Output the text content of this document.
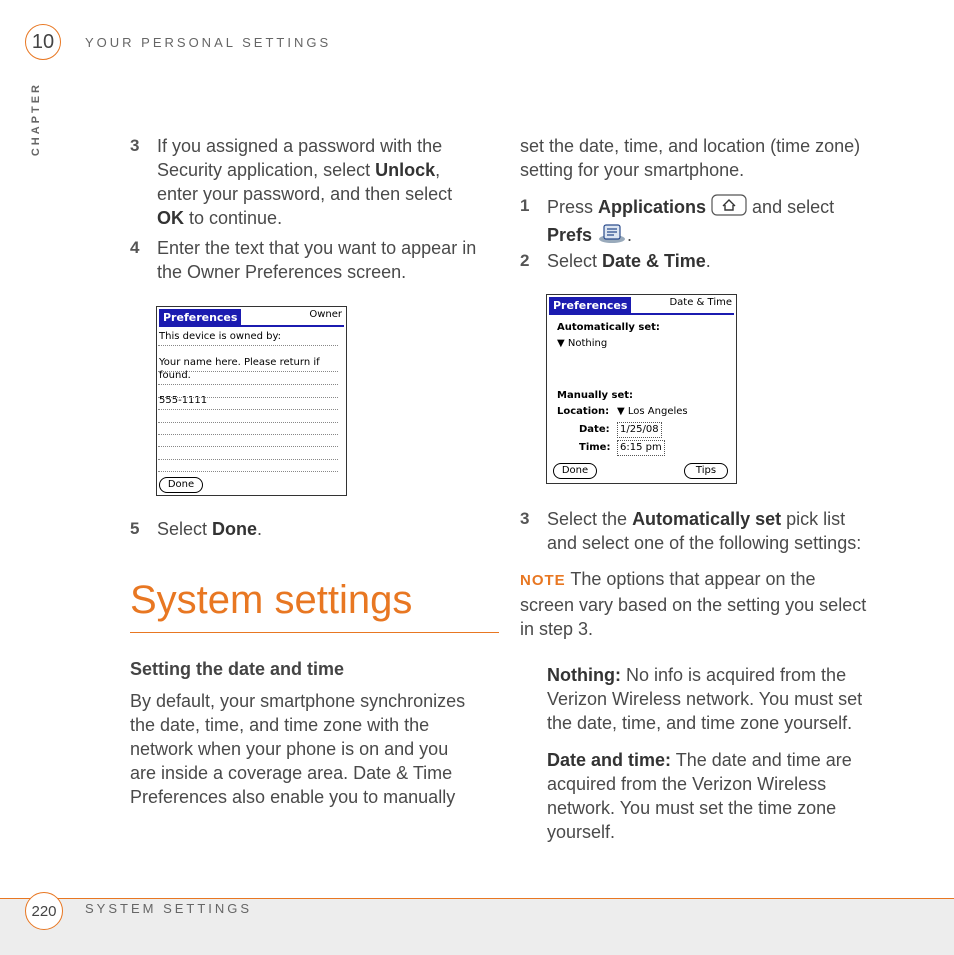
10 YOUR PERSONAL SETTINGS
CHAPTER	3 If you assigned a password with the
Security application, select Unlock,
enter your password, and then select
OK to continue.
4 Enter the text that you want to appear in
the Owner Preferences screen.
Preferences	Owner
This device is owned by:
Your name here. Please return if
found.
555-1111
Done
5 Select Done.
System settings
Setting the date and time
By default, your smartphone synchronizes
the date, time, and time zone with the
network when your phone is on and you
are inside a coverage area. Date & Time
Preferences also enable you to manually
set the date, time, and location (time zone)
setting for your smartphone.
1 Press Applications  and select
Prefs .
2 Select Date & Time.
Preferences	Date & Time
Automatically set:
▼ Nothing
Manually set:
Location: ▼ Los Angeles
Date:	1/25/08
Time: 6:15 pm
Done	Tips
3 Select the Automatically set pick list
and select one of the following settings:
NOTE The options that appear on the
screen vary based on the setting you select
in step 3.
Nothing: No info is acquired from the
Verizon Wireless network. You must set
the date, time, and time zone yourself.
Date and time: The date and time are
acquired from the Verizon Wireless
network. You must set the time zone
yourself.
220 SYSTEM SETTINGS
